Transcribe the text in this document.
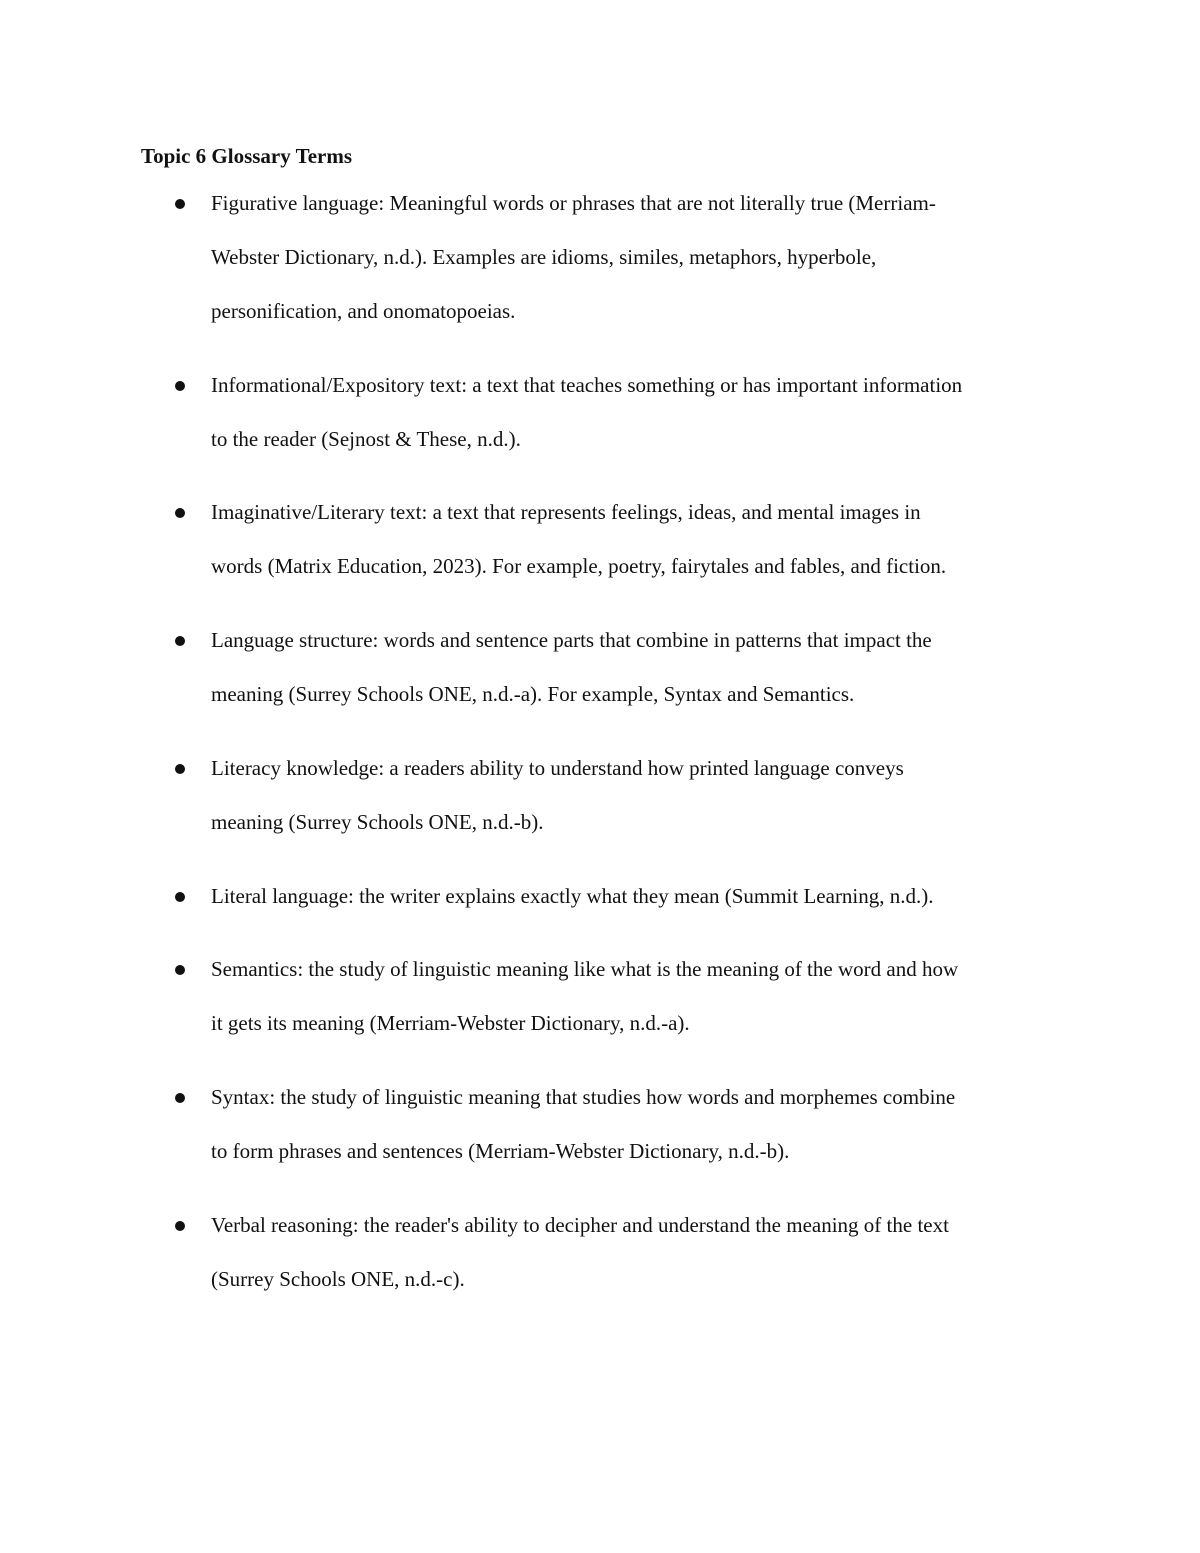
Topic 6 Glossary Terms

Figurative language: Meaningful words or phrases that are not literally true (Merriam-
Webster Dictionary, n.d.). Examples are idioms, similes, metaphors, hyperbole,
personification, and onomatopoeias.

Informational/Expository text: a text that teaches something or has important information
to the reader (Sejnost & These, n.d.).

Imaginative/Literary text: a text that represents feelings, ideas, and mental images in
words (Matrix Education, 2023). For example, poetry, fairytales and fables, and fiction.

Language structure: words and sentence parts that combine in patterns that impact the
meaning (Surrey Schools ONE, n.d.-a). For example, Syntax and Semantics.

Literacy knowledge: a readers ability to understand how printed language conveys
meaning (Surrey Schools ONE, n.d.-b).

Literal language: the writer explains exactly what they mean (Summit Learning, n.d.).

Semantics: the study of linguistic meaning like what is the meaning of the word and how
it gets its meaning (Merriam-Webster Dictionary, n.d.-a).

Syntax: the study of linguistic meaning that studies how words and morphemes combine
to form phrases and sentences (Merriam-Webster Dictionary, n.d.-b).

Verbal reasoning: the reader's ability to decipher and understand the meaning of the text
(Surrey Schools ONE, n.d.-c).
